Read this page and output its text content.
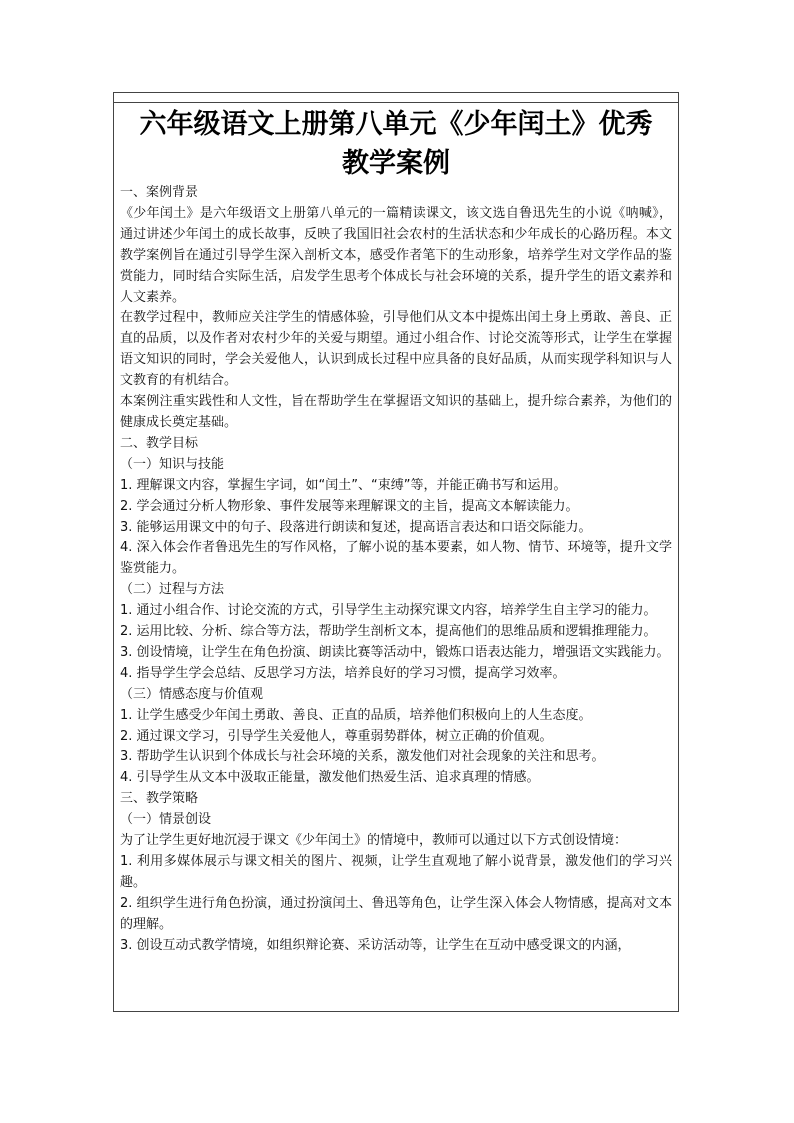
六年级语文上册第八单元《少年闰土》优秀
教学案例

一、案例背景

《少年闰土》是六年级语文上册第八单元的一篇精读课文，该文选自鲁迅先生的小说《呐喊》，通过讲述少年闰土的成长故事，反映了我国旧社会农村的生活状态和少年成长的心路历程。本文教学案例旨在通过引导学生深入剖析文本，感受作者笔下的生动形象，培养学生对文学作品的鉴赏能力，同时结合实际生活，启发学生思考个体成长与社会环境的关系，提升学生的语文素养和人文素养。

在教学过程中，教师应关注学生的情感体验，引导他们从文本中提炼出闰土身上勇敢、善良、正直的品质，以及作者对农村少年的关爱与期望。通过小组合作、讨论交流等形式，让学生在掌握语文知识的同时，学会关爱他人，认识到成长过程中应具备的良好品质，从而实现学科知识与人文教育的有机结合。

本案例注重实践性和人文性，旨在帮助学生在掌握语文知识的基础上，提升综合素养，为他们的健康成长奠定基础。

二、教学目标

（一）知识与技能

1. 理解课文内容，掌握生字词，如“闰土”、“束缚”等，并能正确书写和运用。

2. 学会通过分析人物形象、事件发展等来理解课文的主旨，提高文本解读能力。

3. 能够运用课文中的句子、段落进行朗读和复述，提高语言表达和口语交际能力。

4. 深入体会作者鲁迅先生的写作风格，了解小说的基本要素，如人物、情节、环境等，提升文学鉴赏能力。

（二）过程与方法

1. 通过小组合作、讨论交流的方式，引导学生主动探究课文内容，培养学生自主学习的能力。

2. 运用比较、分析、综合等方法，帮助学生剖析文本，提高他们的思维品质和逻辑推理能力。

3. 创设情境，让学生在角色扮演、朗读比赛等活动中，锻炼口语表达能力，增强语文实践能力。

4. 指导学生学会总结、反思学习方法，培养良好的学习习惯，提高学习效率。

（三）情感态度与价值观

1. 让学生感受少年闰土勇敢、善良、正直的品质，培养他们积极向上的人生态度。

2. 通过课文学习，引导学生关爱他人，尊重弱势群体，树立正确的价值观。

3. 帮助学生认识到个体成长与社会环境的关系，激发他们对社会现象的关注和思考。

4. 引导学生从文本中汲取正能量，激发他们热爱生活、追求真理的情感。

三、教学策略

（一）情景创设

为了让学生更好地沉浸于课文《少年闰土》的情境中，教师可以通过以下方式创设情境：

1. 利用多媒体展示与课文相关的图片、视频，让学生直观地了解小说背景，激发他们的学习兴趣。

2. 组织学生进行角色扮演，通过扮演闰土、鲁迅等角色，让学生深入体会人物情感，提高对文本的理解。

3. 创设互动式教学情境，如组织辩论赛、采访活动等，让学生在互动中感受课文的内涵，
